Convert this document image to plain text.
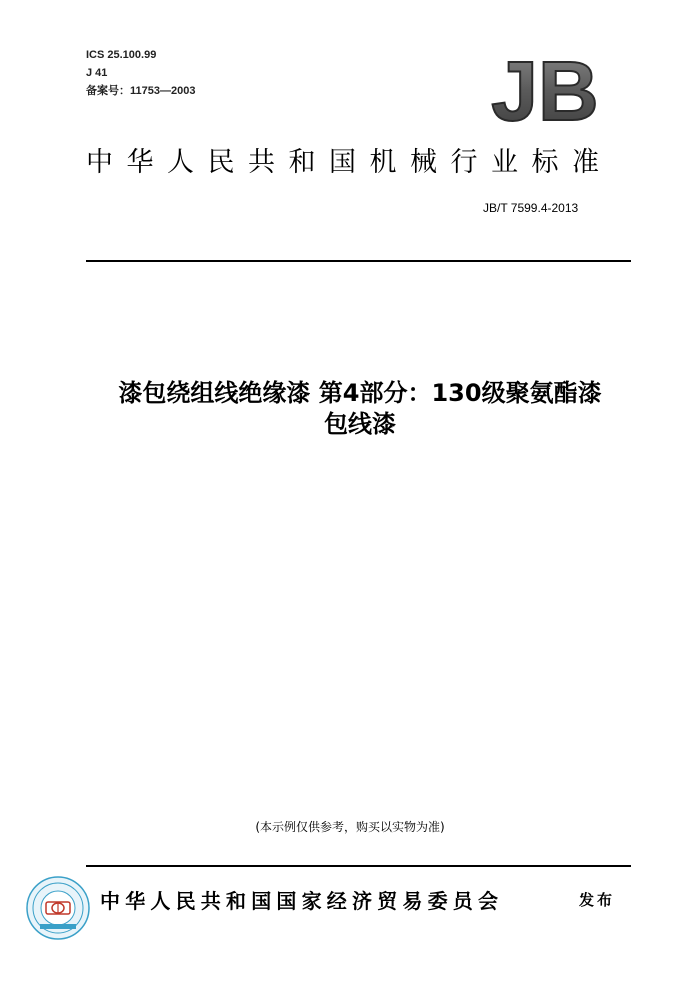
ICS 25.100.99
J 41
备案号：11753—2003	JB
中华人民共和国机械行业标准
JB/T 7599.4-2013
漆包绕组线绝缘漆 第4部分：130级聚氨酯漆
包线漆
(本示例仅供参考，购买以实物为准)
中华人民共和国国家经济贸易委员会	发布
